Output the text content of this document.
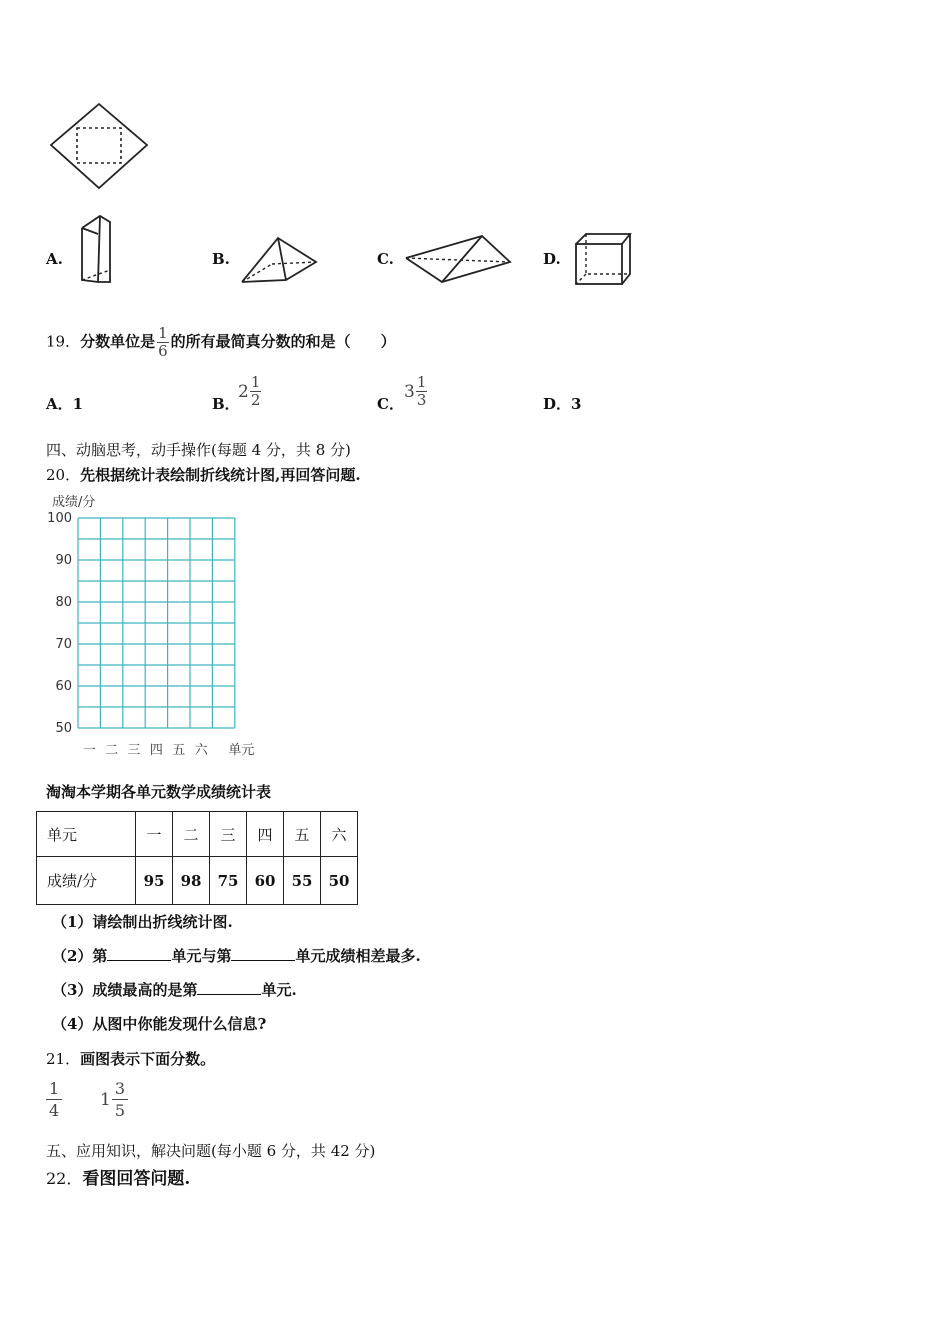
A.	B.	C.	D.
19．分数单位是 $\frac{1}{6}$ 的所有最简真分数的和是（　　）
A．1	B．
$2 \frac{1}{2}$	C．
$3 \frac{1}{3}$	D．3
四、动脑思考，动手操作(每题 4 分，共 8 分)
20．先根据统计表绘制折线统计图,再回答问题.
成绩/分
100
90
80
70
60
50
一 二 三 四 五 六 单元
淘淘本学期各单元数学成绩统计表
单元	一	二	三	四	五	六
成绩/分	95	98	75	60	55	50
（1）请绘制出折线统计图.
（2）第	单元与第	单元成绩相差最多.
（3）成绩最高的是第	单元.
（4）从图中你能发现什么信息?
21．画图表示下面分数。
$\frac{1}{4} 1 \frac{3}{5}$
五、应用知识，解决问题(每小题 6 分，共 42 分)
22．看图回答问题.
